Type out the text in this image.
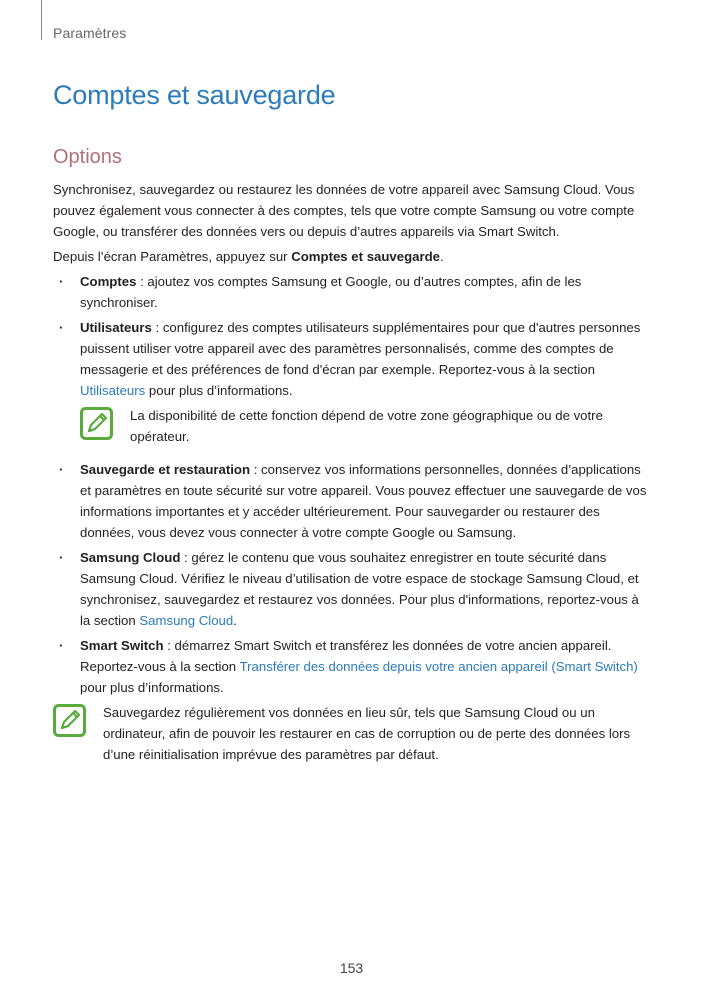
Paramètres
Comptes et sauvegarde
Options

Synchronisez, sauvegardez ou restaurez les données de votre appareil avec Samsung Cloud. Vous pouvez également vous connecter à des comptes, tels que votre compte Samsung ou votre compte Google, ou transférer des données vers ou depuis d’autres appareils via Smart Switch.

Depuis l’écran Paramètres, appuyez sur Comptes et sauvegarde.

· Comptes : ajoutez vos comptes Samsung et Google, ou d’autres comptes, afin de les synchroniser.
· Utilisateurs : configurez des comptes utilisateurs supplémentaires pour que d'autres personnes puissent utiliser votre appareil avec des paramètres personnalisés, comme des comptes de messagerie et des préférences de fond d'écran par exemple. Reportez-vous à la section Utilisateurs pour plus d’informations.
La disponibilité de cette fonction dépend de votre zone géographique ou de votre opérateur.
· Sauvegarde et restauration : conservez vos informations personnelles, données d’applications et paramètres en toute sécurité sur votre appareil. Vous pouvez effectuer une sauvegarde de vos informations importantes et y accéder ultérieurement. Pour sauvegarder ou restaurer des données, vous devez vous connecter à votre compte Google ou Samsung.
· Samsung Cloud : gérez le contenu que vous souhaitez enregistrer en toute sécurité dans Samsung Cloud. Vérifiez le niveau d’utilisation de votre espace de stockage Samsung Cloud, et synchronisez, sauvegardez et restaurez vos données. Pour plus d'informations, reportez-vous à la section Samsung Cloud.
· Smart Switch : démarrez Smart Switch et transférez les données de votre ancien appareil. Reportez-vous à la section Transférer des données depuis votre ancien appareil (Smart Switch) pour plus d’informations.
Sauvegardez régulièrement vos données en lieu sûr, tels que Samsung Cloud ou un ordinateur, afin de pouvoir les restaurer en cas de corruption ou de perte des données lors d’une réinitialisation imprévue des paramètres par défaut.
153
